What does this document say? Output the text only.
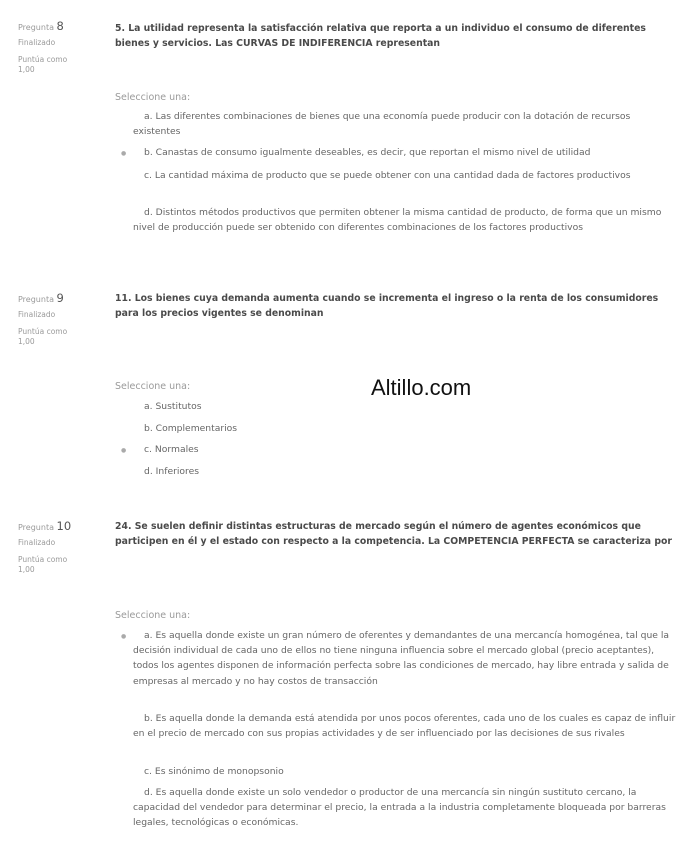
Pregunta 8
Finalizado
Puntúa como 1,00
5. La utilidad representa la satisfacción relativa que reporta a un individuo el consumo de diferentes bienes y servicios. Las CURVAS DE INDIFERENCIA representan
Seleccione una:
a. Las diferentes combinaciones de bienes que una economía puede producir con la dotación de recursos existentes
●	b. Canastas de consumo igualmente deseables, es decir, que reportan el mismo nivel de utilidad
c. La cantidad máxima de producto que se puede obtener con una cantidad dada de factores productivos
d. Distintos métodos productivos que permiten obtener la misma cantidad de producto, de forma que un mismo nivel de producción puede ser obtenido con diferentes combinaciones de los factores productivos
Pregunta 9
Finalizado
Puntúa como 1,00
11. Los bienes cuya demanda aumenta cuando se incrementa el ingreso o la renta de los consumidores para los precios vigentes se denominan
Seleccione una:
a. Sustitutos
b. Complementarios
●	c. Normales
d. Inferiores
Pregunta 10
Finalizado
Puntúa como 1,00
24. Se suelen definir distintas estructuras de mercado según el número de agentes económicos que participen en él y el estado con respecto a la competencia. La COMPETENCIA PERFECTA se caracteriza por
Seleccione una:
●	a. Es aquella donde existe un gran número de oferentes y demandantes de una mercancía homogénea, tal que la decisión individual de cada uno de ellos no tiene ninguna influencia sobre el mercado global (precio aceptantes), todos los agentes disponen de información perfecta sobre las condiciones de mercado, hay libre entrada y salida de empresas al mercado y no hay costos de transacción
b. Es aquella donde la demanda está atendida por unos pocos oferentes, cada uno de los cuales es capaz de influir en el precio de mercado con sus propias actividades y de ser influenciado por las decisiones de sus rivales
c. Es sinónimo de monopsonio
d. Es aquella donde existe un solo vendedor o productor de una mercancía sin ningún sustituto cercano, la capacidad del vendedor para determinar el precio, la entrada a la industria completamente bloqueada por barreras legales, tecnológicas o económicas.
Altillo.com
